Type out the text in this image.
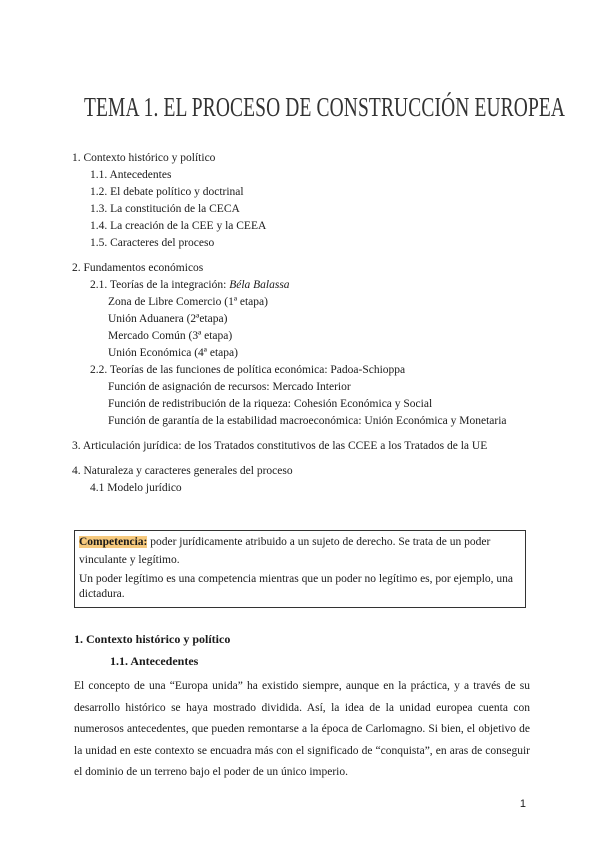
TEMA 1. EL PROCESO DE CONSTRUCCIÓN EUROPEA
1. Contexto histórico y político
1.1. Antecedentes
1.2. El debate político y doctrinal
1.3. La constitución de la CECA
1.4. La creación de la CEE y la CEEA
1.5. Caracteres del proceso
2. Fundamentos económicos
2.1. Teorías de la integración: Béla Balassa
Zona de Libre Comercio (1ª etapa)
Unión Aduanera (2ªetapa)
Mercado Común (3ª etapa)
Unión Económica (4ª etapa)
2.2. Teorías de las funciones de política económica: Padoa-Schioppa
Función de asignación de recursos: Mercado Interior
Función de redistribución de la riqueza: Cohesión Económica y Social
Función de garantía de la estabilidad macroeconómica: Unión Económica y Monetaria
3. Articulación jurídica: de los Tratados constitutivos de las CCEE a los Tratados de la UE
4. Naturaleza y caracteres generales del proceso
4.1 Modelo jurídico

Competencia: poder jurídicamente atribuido a un sujeto de derecho. Se trata de un poder vinculante y legítimo.

Un poder legítimo es una competencia mientras que un poder no legítimo es, por ejemplo, una dictadura.

1. Contexto histórico y político
1.1. Antecedentes
El concepto de una “Europa unida” ha existido siempre, aunque en la práctica, y a través de su desarrollo histórico se haya mostrado dividida. Así, la idea de la unidad europea cuenta con numerosos antecedentes, que pueden remontarse a la época de Carlomagno. Si bien, el objetivo de la unidad en este contexto se encuadra más con el significado de “conquista”, en aras de conseguir el dominio de un terreno bajo el poder de un único imperio.
1
